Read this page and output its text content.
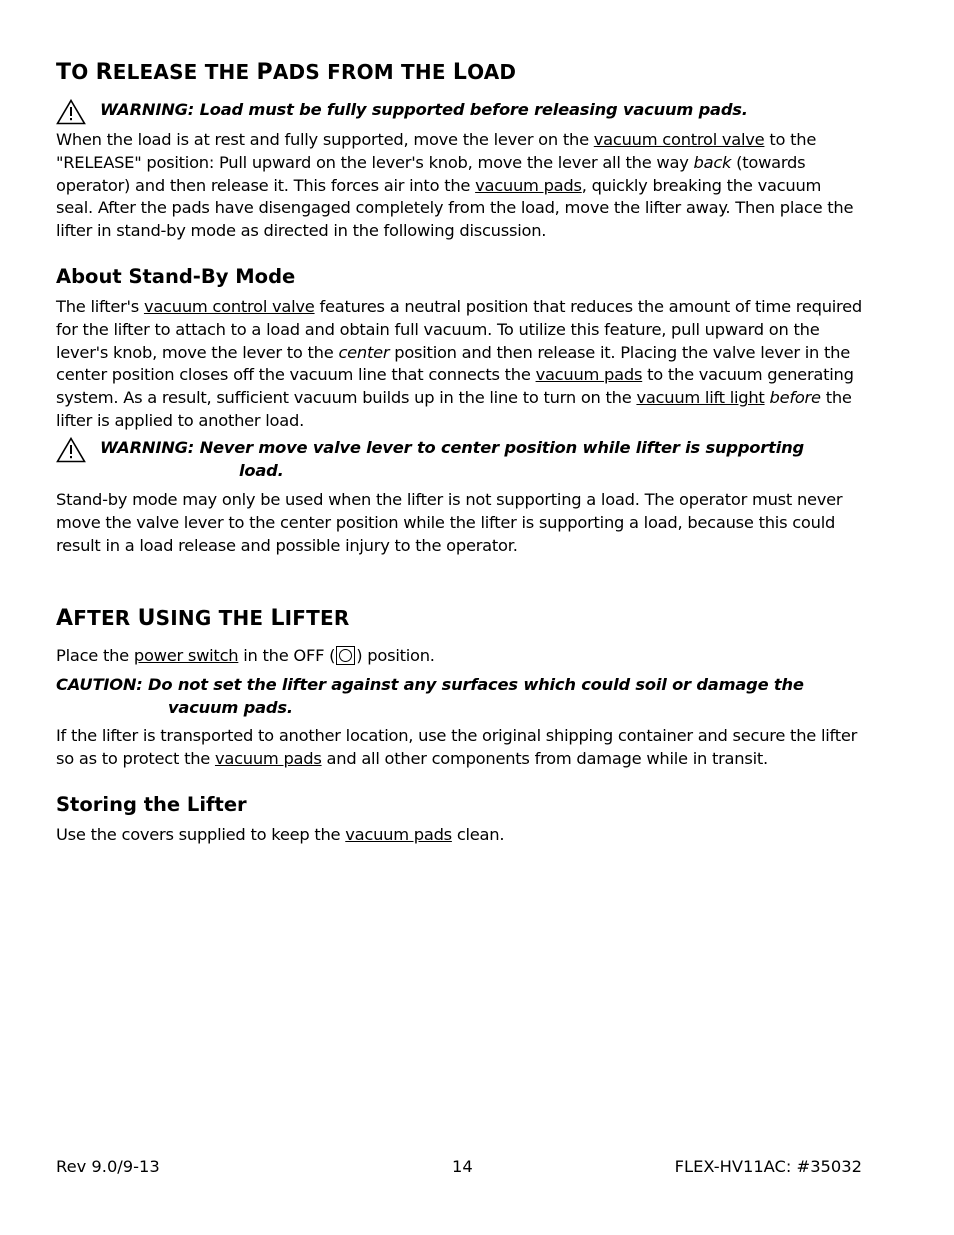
TO RELEASE THE PADS FROM THE LOAD
WARNING: Load must be fully supported before releasing vacuum pads.

When the load is at rest and fully supported, move the lever on the vacuum control valve to the "RELEASE" position: Pull upward on the lever's knob, move the lever all the way back (towards operator) and then release it. This forces air into the vacuum pads, quickly breaking the vacuum seal. After the pads have disengaged completely from the load, move the lifter away. Then place the lifter in stand-by mode as directed in the following discussion.

About Stand-By Mode

The lifter's vacuum control valve features a neutral position that reduces the amount of time required for the lifter to attach to a load and obtain full vacuum. To utilize this feature, pull upward on the lever's knob, move the lever to the center position and then release it. Placing the valve lever in the center position closes off the vacuum line that connects the vacuum pads to the vacuum generating system. As a result, sufficient vacuum builds up in the line to turn on the vacuum lift light before the lifter is applied to another load.

WARNING: Never move valve lever to center position while lifter is supporting
load.

Stand-by mode may only be used when the lifter is not supporting a load. The operator must never move the valve lever to the center position while the lifter is supporting a load, because this could result in a load release and possible injury to the operator.

AFTER USING THE LIFTER

Place the power switch in the OFF ( ) position.

CAUTION: Do not set the lifter against any surfaces which could soil or damage the
vacuum pads.

If the lifter is transported to another location, use the original shipping container and secure the lifter so as to protect the vacuum pads and all other components from damage while in transit.

Storing the Lifter

Use the covers supplied to keep the vacuum pads clean.

Rev 9.0/9-13	14	FLEX-HV11AC: #35032
